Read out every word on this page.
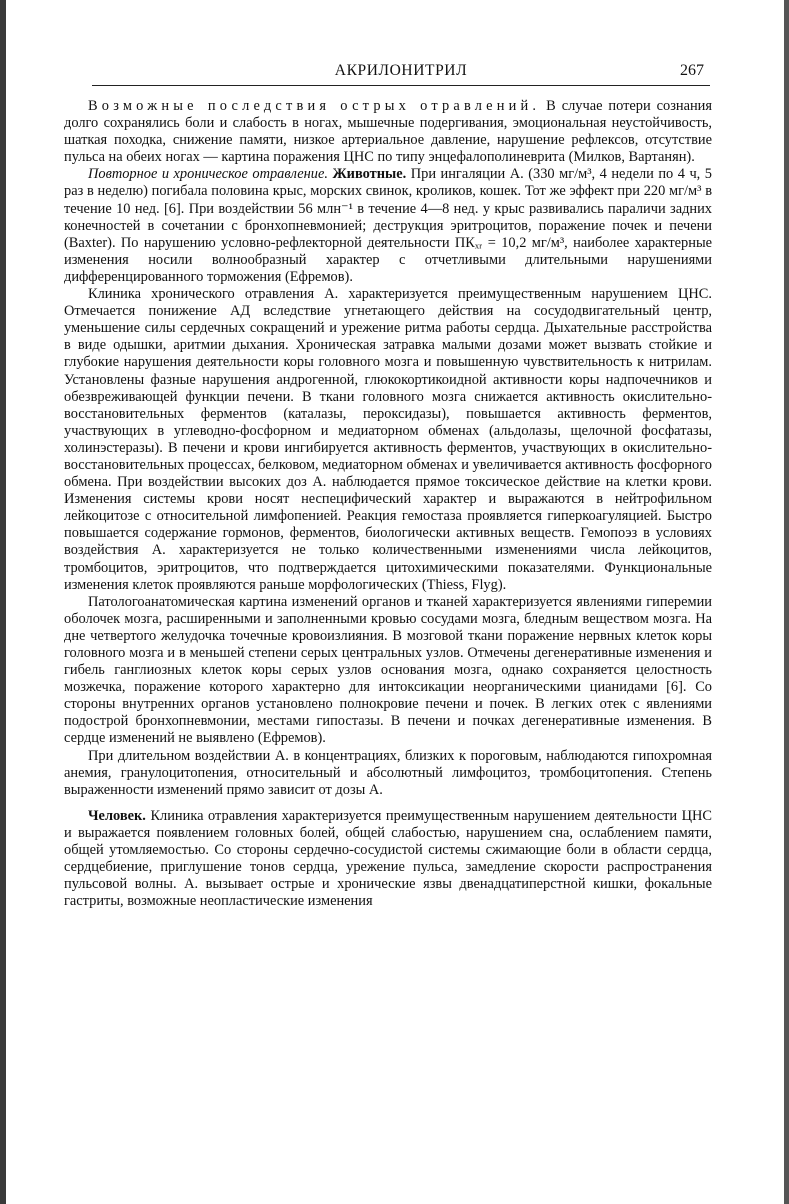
АКРИЛОНИТРИЛ	267

Возможные последствия острых отравлений. В случае потери сознания долго сохранялись боли и слабость в ногах, мышечные подергивания, эмоциональная неустойчивость, шаткая походка, снижение памяти, низкое артериальное давление, нарушение рефлексов, отсутствие пульса на обеих ногах — картина поражения ЦНС по типу энцефалополиневрита (Милков, Вартанян).

Повторное и хроническое отравление. Животные. При ингаляции А. (330 мг/м³, 4 недели по 4 ч, 5 раз в неделю) погибала половина крыс, морских свинок, кроликов, кошек. Тот же эффект при 220 мг/м³ в течение 10 нед. [6]. При воздействии 56 млн⁻¹ в течение 4—8 нед. у крыс развивались параличи задних конечностей в сочетании с бронхопневмонией; деструкция эритроцитов, поражение почек и печени (Baxter). По нарушению условно-рефлекторной деятельности ПКₓᵣ = 10,2 мг/м³, наиболее характерные изменения носили волнообразный характер с отчетливыми длительными нарушениями дифференцированного торможения (Ефремов).

Клиника хронического отравления А. характеризуется преимущественным нарушением ЦНС. Отмечается понижение АД вследствие угнетающего действия на сосудодвигательный центр, уменьшение силы сердечных сокращений и урежение ритма работы сердца. Дыхательные расстройства в виде одышки, аритмии дыхания. Хроническая затравка малыми дозами может вызвать стойкие и глубокие нарушения деятельности коры головного мозга и повышенную чувствительность к нитрилам. Установлены фазные нарушения андрогенной, глюкокортикоидной активности коры надпочечников и обезвреживающей функции печени. В ткани головного мозга снижается активность окислительно-восстановительных ферментов (каталазы, пероксидазы), повышается активность ферментов, участвующих в углеводно-фосфорном и медиаторном обменах (альдолазы, щелочной фосфатазы, холинэстеразы). В печени и крови ингибируется активность ферментов, участвующих в окислительно-восстановительных процессах, белковом, медиаторном обменах и увеличивается активность фосфорного обмена. При воздействии высоких доз А. наблюдается прямое токсическое действие на клетки крови. Изменения системы крови носят неспецифический характер и выражаются в нейтрофильном лейкоцитозе с относительной лимфопенией. Реакция гемостаза проявляется гиперкоагуляцией. Быстро повышается содержание гормонов, ферментов, биологически активных веществ. Гемопоэз в условиях воздействия А. характеризуется не только количественными изменениями числа лейкоцитов, тромбоцитов, эритроцитов, что подтверждается цитохимическими показателями. Функциональные изменения клеток проявляются раньше морфологических (Thiess, Flyg).

Патологоанатомическая картина изменений органов и тканей характеризуется явлениями гиперемии оболочек мозга, расширенными и заполненными кровью сосудами мозга, бледным веществом мозга. На дне четвертого желудочка точечные кровоизлияния. В мозговой ткани поражение нервных клеток коры головного мозга и в меньшей степени серых центральных узлов. Отмечены дегенеративные изменения и гибель ганглиозных клеток коры серых узлов основания мозга, однако сохраняется целостность мозжечка, поражение которого характерно для интоксикации неорганическими цианидами [6]. Со стороны внутренних органов установлено полнокровие печени и почек. В легких отек с явлениями подострой бронхопневмонии, местами гипостазы. В печени и почках дегенеративные изменения. В сердце изменений не выявлено (Ефремов).

При длительном воздействии А. в концентрациях, близких к пороговым, наблюдаются гипохромная анемия, гранулоцитопения, относительный и абсолютный лимфоцитоз, тромбоцитопения. Степень выраженности изменений прямо зависит от дозы А.

Человек. Клиника отравления характеризуется преимущественным нарушением деятельности ЦНС и выражается появлением головных болей, общей слабостью, нарушением сна, ослаблением памяти, общей утомляемостью. Со стороны сердечно-сосудистой системы сжимающие боли в области сердца, сердцебиение, приглушение тонов сердца, урежение пульса, замедление скорости распространения пульсовой волны. А. вызывает острые и хронические язвы двенадцатиперстной кишки, фокальные гастриты, возможные неопластические изменения
